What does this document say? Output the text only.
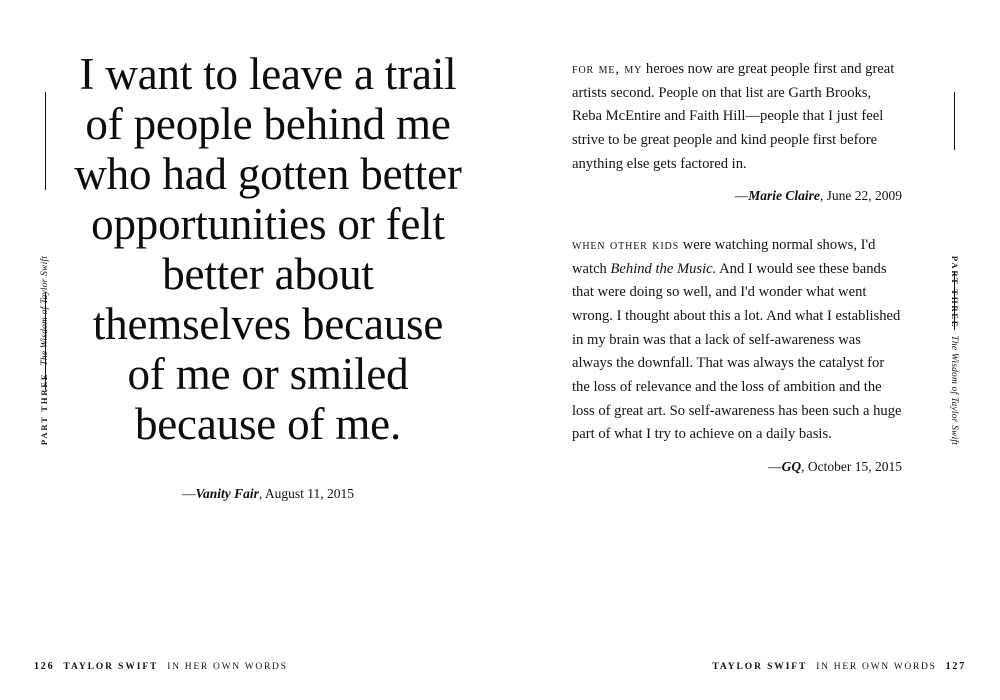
PART THREE
The Wisdom of Taylor Swift

I want to leave a trail of people behind me who had gotten better opportunities or felt better about themselves because of me or smiled because of me.

—Vanity Fair, August 11, 2015
126 TAYLOR SWIFT IN HER OWN WORDS
PART THREE
The Wisdom of Taylor Swift

for me, my heroes now are great people first and great artists second. People on that list are Garth Brooks, Reba McEntire and Faith Hill—people that I just feel strive to be great people and kind people first before anything else gets factored in.

—Marie Claire, June 22, 2009

when other kids were watching normal shows, I'd watch Behind the Music. And I would see these bands that were doing so well, and I'd wonder what went wrong. I thought about this a lot. And what I established in my brain was that a lack of self-awareness was always the downfall. That was always the catalyst for the loss of relevance and the loss of ambition and the loss of great art. So self-awareness has been such a huge part of what I try to achieve on a daily basis.

—GQ, October 15, 2015
TAYLOR SWIFT IN HER OWN WORDS 127
